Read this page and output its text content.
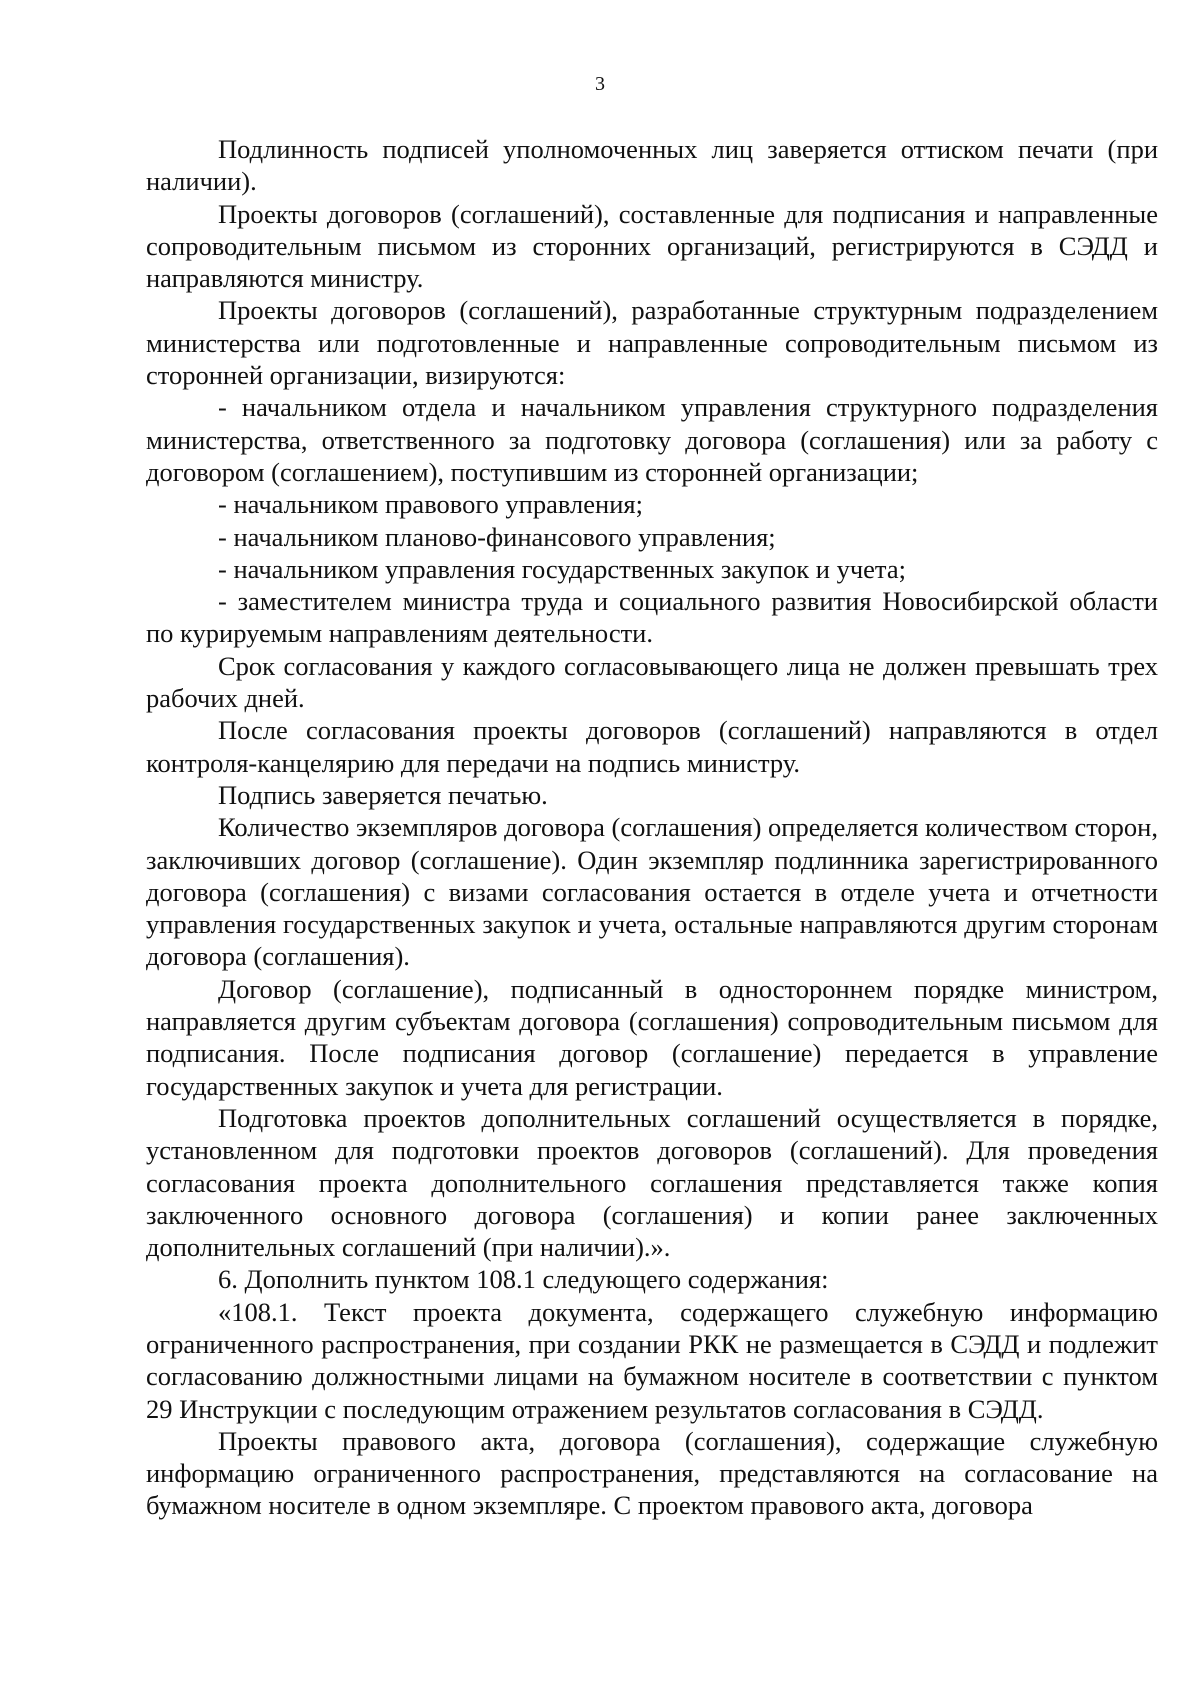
3

Подлинность подписей уполномоченных лиц заверяется оттиском печати (при наличии).

Проекты договоров (соглашений), составленные для подписания и направленные сопроводительным письмом из сторонних организаций, регистрируются в СЭДД и направляются министру.

Проекты договоров (соглашений), разработанные структурным подразделением министерства или подготовленные и направленные сопроводительным письмом из сторонней организации, визируются:

- начальником отдела и начальником управления структурного подразделения министерства, ответственного за подготовку договора (соглашения) или за работу с договором (соглашением), поступившим из сторонней организации;

- начальником правового управления;

- начальником планово-финансового управления;

- начальником управления государственных закупок и учета;

- заместителем министра труда и социального развития Новосибирской области по курируемым направлениям деятельности.

Срок согласования у каждого согласовывающего лица не должен превышать трех рабочих дней.

После согласования проекты договоров (соглашений) направляются в отдел контроля-канцелярию для передачи на подпись министру.

Подпись заверяется печатью.

Количество экземпляров договора (соглашения) определяется количеством сторон, заключивших договор (соглашение). Один экземпляр подлинника зарегистрированного договора (соглашения) с визами согласования остается в отделе учета и отчетности управления государственных закупок и учета, остальные направляются другим сторонам договора (соглашения).

Договор (соглашение), подписанный в одностороннем порядке министром, направляется другим субъектам договора (соглашения) сопроводительным письмом для подписания. После подписания договор (соглашение) передается в управление государственных закупок и учета для регистрации.

Подготовка проектов дополнительных соглашений осуществляется в порядке, установленном для подготовки проектов договоров (соглашений). Для проведения согласования проекта дополнительного соглашения представляется также копия заключенного основного договора (соглашения) и копии ранее заключенных дополнительных соглашений (при наличии).».

6. Дополнить пунктом 108.1 следующего содержания:

«108.1. Текст проекта документа, содержащего служебную информацию ограниченного распространения, при создании РКК не размещается в СЭДД и подлежит согласованию должностными лицами на бумажном носителе в соответствии с пунктом 29 Инструкции с последующим отражением результатов согласования в СЭДД.

Проекты правового акта, договора (соглашения), содержащие служебную информацию ограниченного распространения, представляются на согласование на бумажном носителе в одном экземпляре. С проектом правового акта, договора
